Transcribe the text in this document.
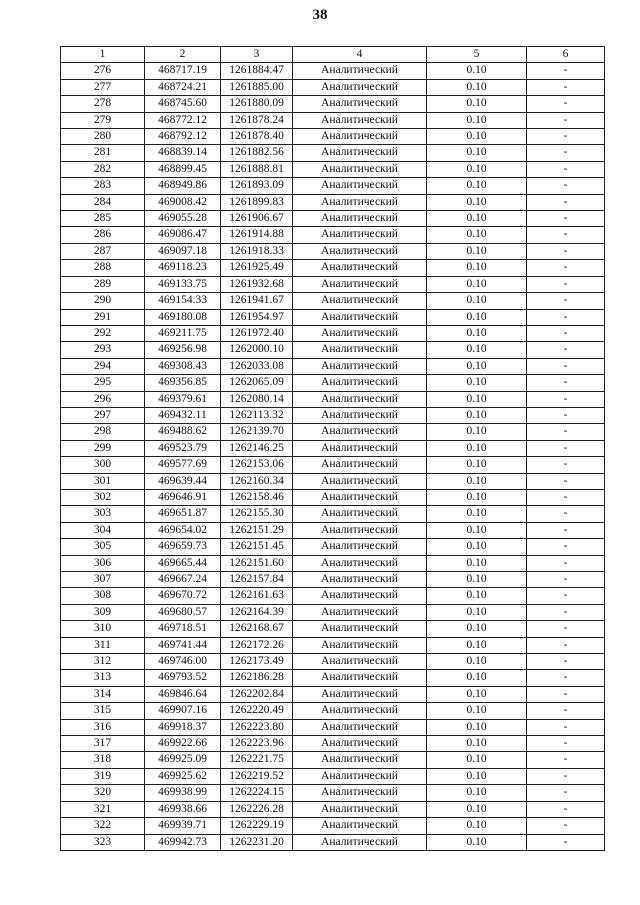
38
1	2	3	4	5	6
276	468717.19	1261884.47	Аналитический	0.10	-
277	468724.21	1261885.00	Аналитический	0.10	-
278	468745.60	1261880.09	Аналитический	0.10	-
279	468772.12	1261878.24	Аналитический	0.10	-
280	468792.12	1261878.40	Аналитический	0.10	-
281	468839.14	1261882.56	Аналитический	0.10	-
282	468899.45	1261888.81	Аналитический	0.10	-
283	468949.86	1261893.09	Аналитический	0.10	-
284	469008.42	1261899.83	Аналитический	0.10	-
285	469055.28	1261906.67	Аналитический	0.10	-
286	469086.47	1261914.88	Аналитический	0.10	-
287	469097.18	1261918.33	Аналитический	0.10	-
288	469118.23	1261925.49	Аналитический	0.10	-
289	469133.75	1261932.68	Аналитический	0.10	-
290	469154.33	1261941.67	Аналитический	0.10	-
291	469180.08	1261954.97	Аналитический	0.10	-
292	469211.75	1261972.40	Аналитический	0.10	-
293	469256.98	1262000.10	Аналитический	0.10	-
294	469308.43	1262033.08	Аналитический	0.10	-
295	469356.85	1262065.09	Аналитический	0.10	-
296	469379.61	1262080.14	Аналитический	0.10	-
297	469432.11	1262113.32	Аналитический	0.10	-
298	469488.62	1262139.70	Аналитический	0.10	-
299	469523.79	1262146.25	Аналитический	0.10	-
300	469577.69	1262153.06	Аналитический	0.10	-
301	469639.44	1262160.34	Аналитический	0.10	-
302	469646.91	1262158.46	Аналитический	0.10	-
303	469651.87	1262155.30	Аналитический	0.10	-
304	469654.02	1262151.29	Аналитический	0.10	-
305	469659.73	1262151.45	Аналитический	0.10	-
306	469665.44	1262151.60	Аналитический	0.10	-
307	469667.24	1262157.84	Аналитический	0.10	-
308	469670.72	1262161.63	Аналитический	0.10	-
309	469680.57	1262164.39	Аналитический	0.10	-
310	469718.51	1262168.67	Аналитический	0.10	-
311	469741.44	1262172.26	Аналитический	0.10	-
312	469746.00	1262173.49	Аналитический	0.10	-
313	469793.52	1262186.28	Аналитический	0.10	-
314	469846.64	1262202.84	Аналитический	0.10	-
315	469907.16	1262220.49	Аналитический	0.10	-
316	469918.37	1262223.80	Аналитический	0.10	-
317	469922.66	1262223.96	Аналитический	0.10	-
318	469925.09	1262221.75	Аналитический	0.10	-
319	469925.62	1262219.52	Аналитический	0.10	-
320	469938.99	1262224.15	Аналитический	0.10	-
321	469938.66	1262226.28	Аналитический	0.10	-
322	469939.71	1262229.19	Аналитический	0.10	-
323	469942.73	1262231.20	Аналитический	0.10	-
